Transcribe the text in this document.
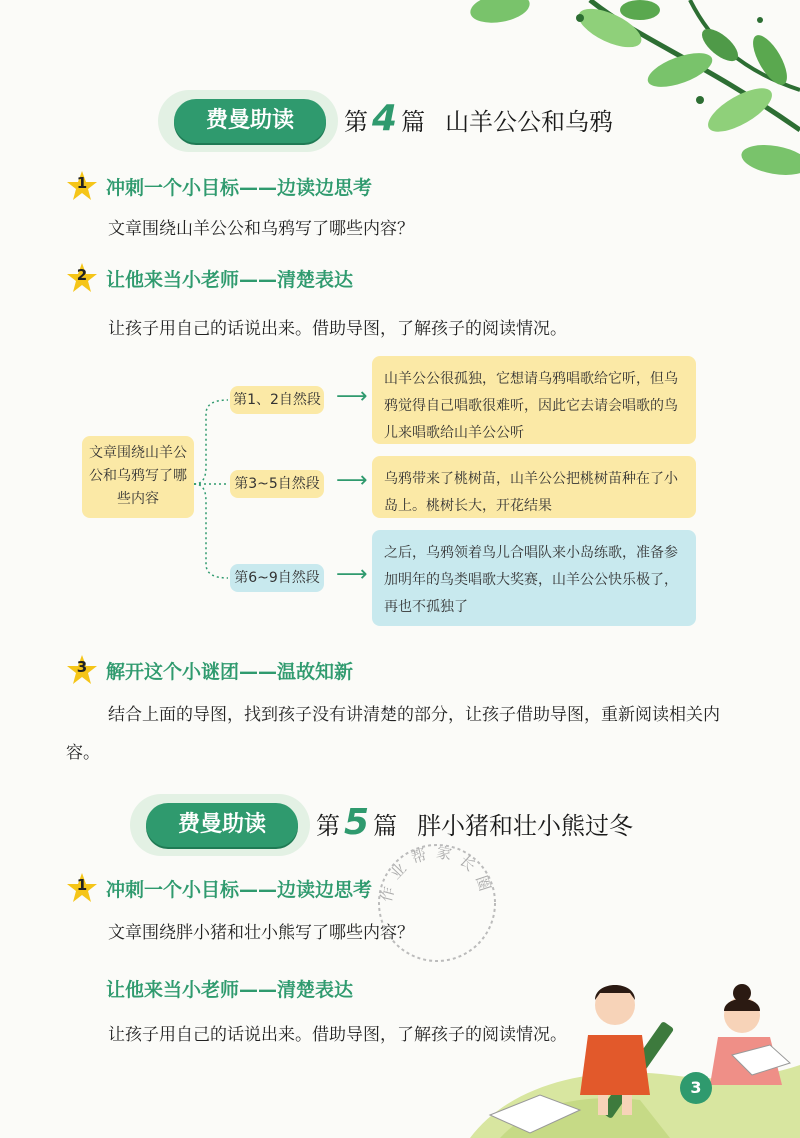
费曼助读	第 4 篇 山羊公公和乌鸦
1 冲刺一个小目标——边读边思考
文章围绕山羊公公和乌鸦写了哪些内容？
2 让他来当小老师——清楚表达
让孩子用自己的话说出来。借助导图，了解孩子的阅读情况。
文章围绕山羊公公和乌鸦写了哪些内容
第1、2自然段 ⟶
山羊公公很孤独，它想请乌鸦唱歌给它听，但乌鸦觉得自己唱歌很难听，因此它去请会唱歌的鸟儿来唱歌给山羊公公听
第3~5自然段 ⟶	乌鸦带来了桃树苗，山羊公公把桃树苗种在了小岛上。桃树长大，开花结果
第6~9自然段 ⟶
之后，乌鸦领着鸟儿合唱队来小岛练歌，准备参加明年的鸟类唱歌大奖赛，山羊公公快乐极了，再也不孤独了
3 解开这个小谜团——温故知新
结合上面的导图，找到孩子没有讲清楚的部分，让孩子借助导图，重新阅读相关内容。
费曼助读	第 5 篇 胖小猪和壮小熊过冬
1 冲刺一个小目标——边读边思考
文章围绕胖小猪和壮小熊写了哪些内容？
让他来当小老师——清楚表达
让孩子用自己的话说出来。借助导图，了解孩子的阅读情况。
作业帮家长圈
3
